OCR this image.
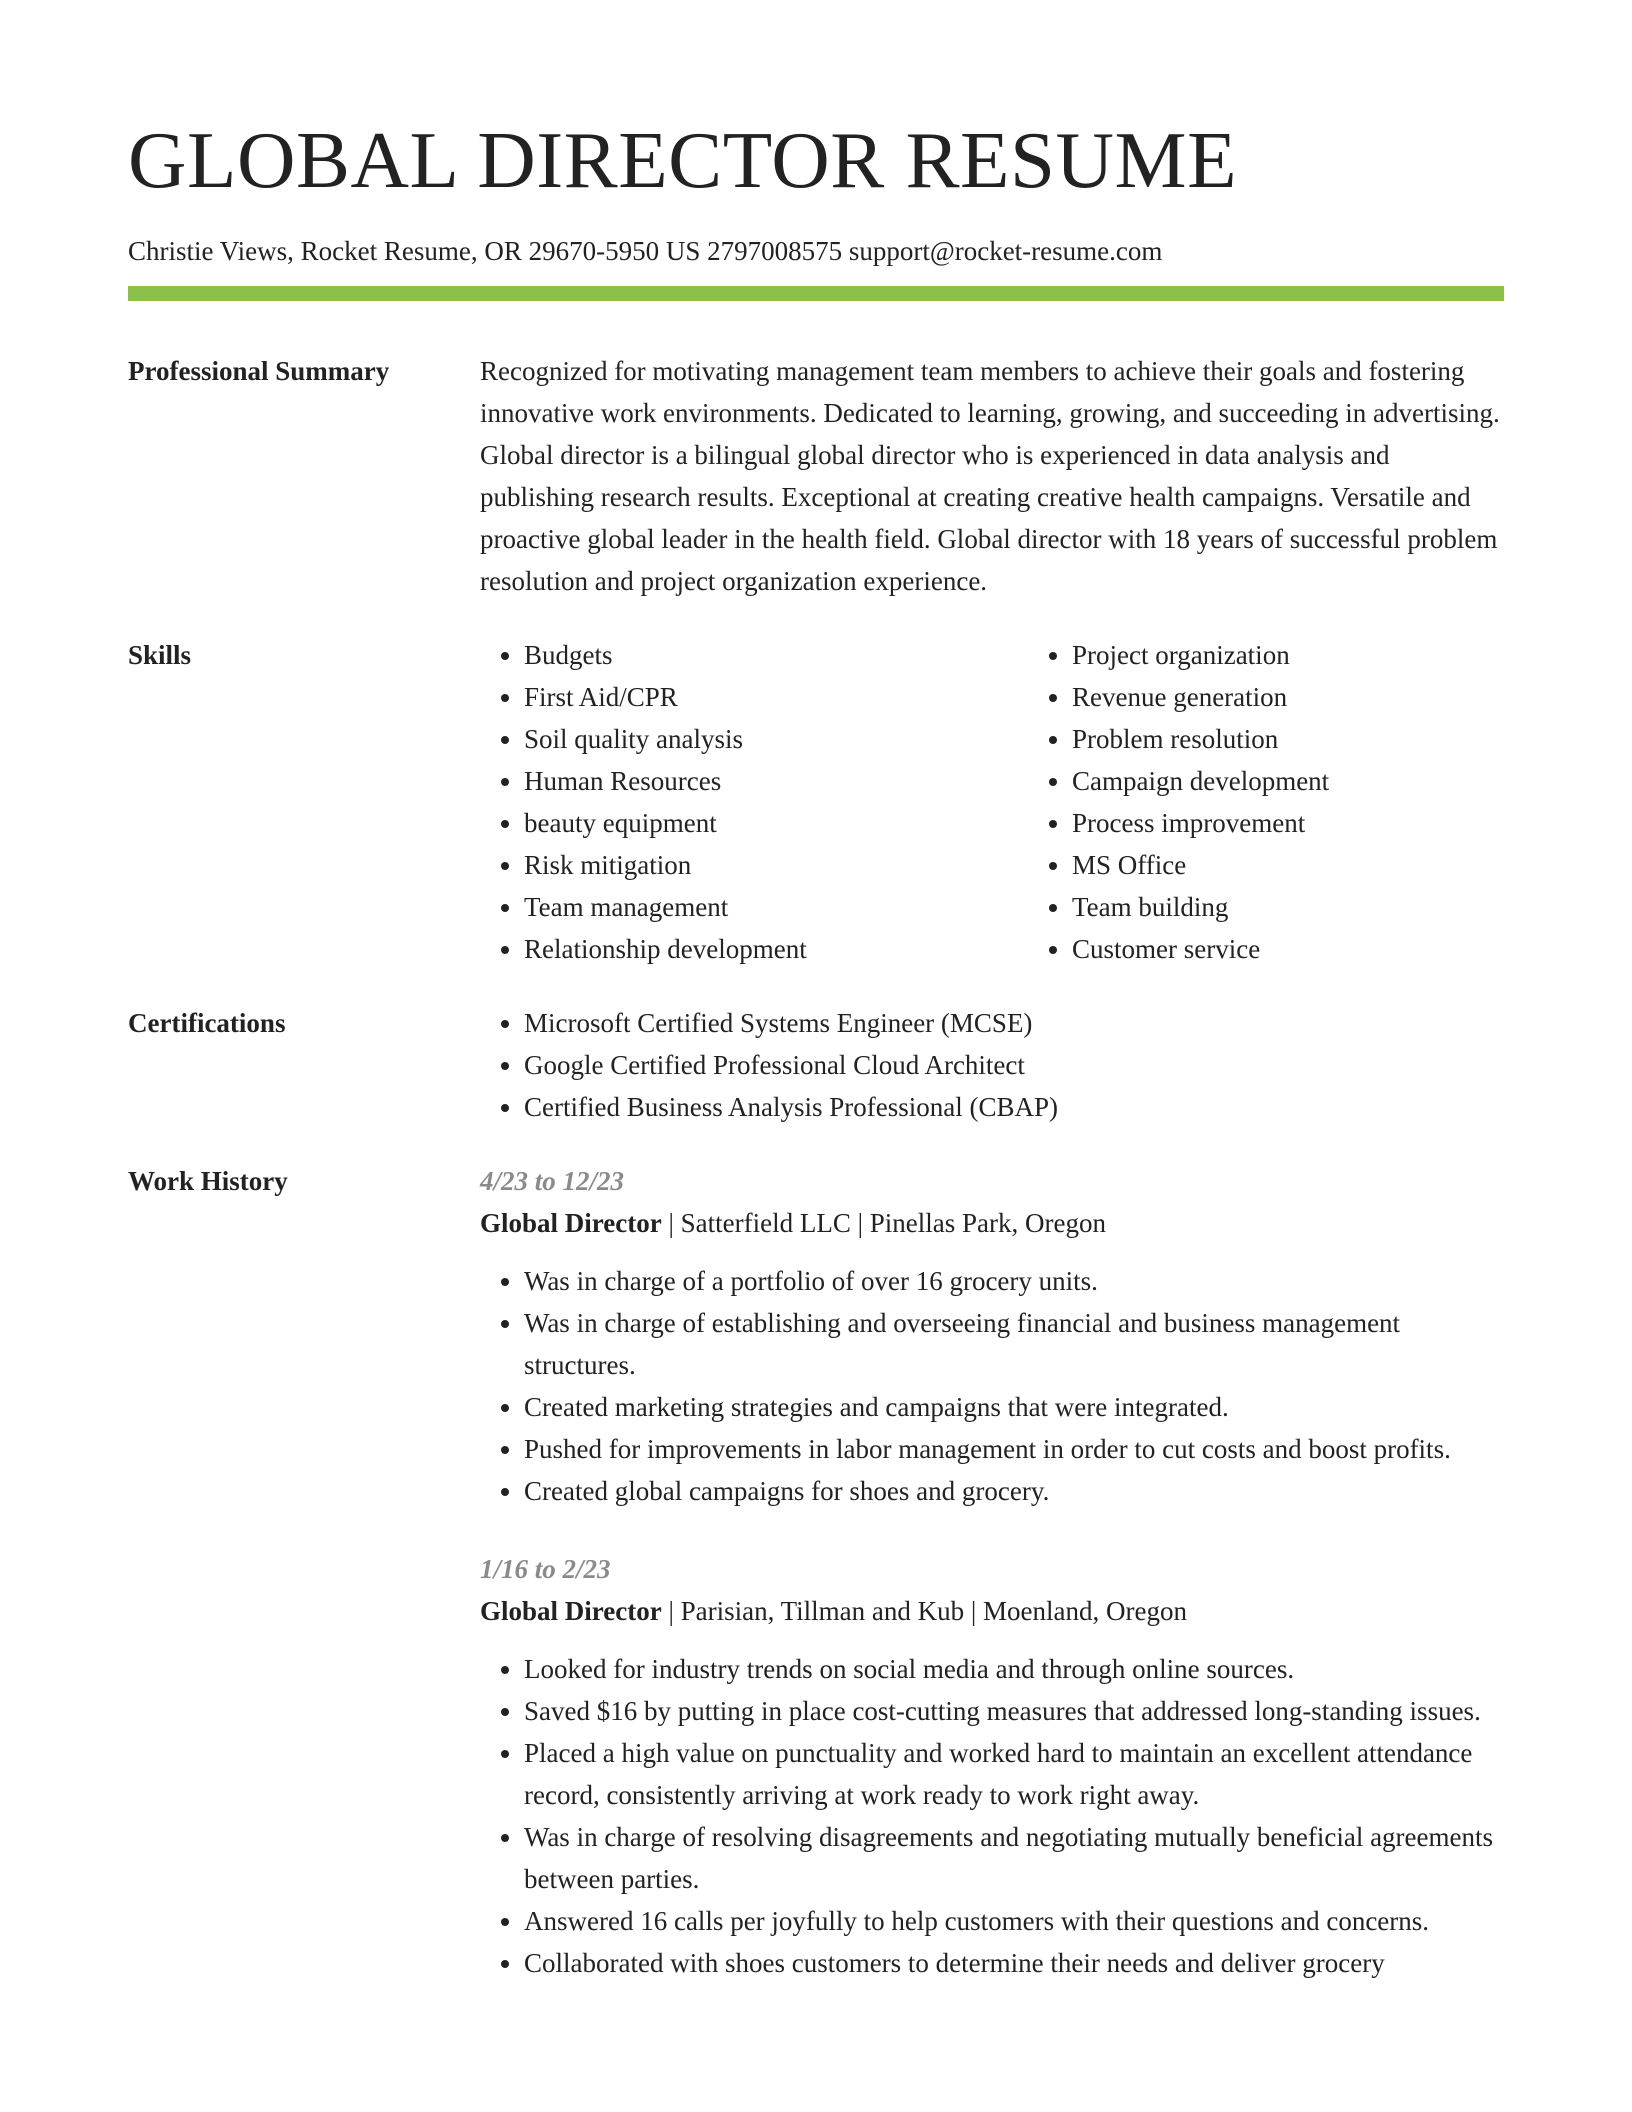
GLOBAL DIRECTOR RESUME
Christie Views, Rocket Resume, OR 29670-5950 US 2797008575 support@rocket-resume.com
Professional Summary	Recognized for motivating management team members to achieve their goals and fostering innovative work environments. Dedicated to learning, growing, and succeeding in advertising. Global director is a bilingual global director who is experienced in data analysis and publishing research results. Exceptional at creating creative health campaigns. Versatile and proactive global leader in the health field. Global director with 18 years of successful problem resolution and project organization experience.

Skills	• Budgets
• First Aid/CPR
• Soil quality analysis
• Human Resources
• beauty equipment
• Risk mitigation
• Team management
• Relationship development
• Project organization
• Revenue generation
• Problem resolution
• Campaign development
• Process improvement
• MS Office
• Team building
• Customer service
Certifications	• Microsoft Certified Systems Engineer (MCSE)
• Google Certified Professional Cloud Architect
• Certified Business Analysis Professional (CBAP)
Work History	4/23 to 12/23
Global Director | Satterfield LLC | Pinellas Park, Oregon
• Was in charge of a portfolio of over 16 grocery units.
• Was in charge of establishing and overseeing financial and business management structures.
• Created marketing strategies and campaigns that were integrated.
• Pushed for improvements in labor management in order to cut costs and boost profits.
• Created global campaigns for shoes and grocery.
1/16 to 2/23
Global Director | Parisian, Tillman and Kub | Moenland, Oregon
• Looked for industry trends on social media and through online sources.
• Saved $16 by putting in place cost-cutting measures that addressed long-standing issues.
• Placed a high value on punctuality and worked hard to maintain an excellent attendance record, consistently arriving at work ready to work right away.
• Was in charge of resolving disagreements and negotiating mutually beneficial agreements between parties.
• Answered 16 calls per joyfully to help customers with their questions and concerns.
• Collaborated with shoes customers to determine their needs and deliver grocery
